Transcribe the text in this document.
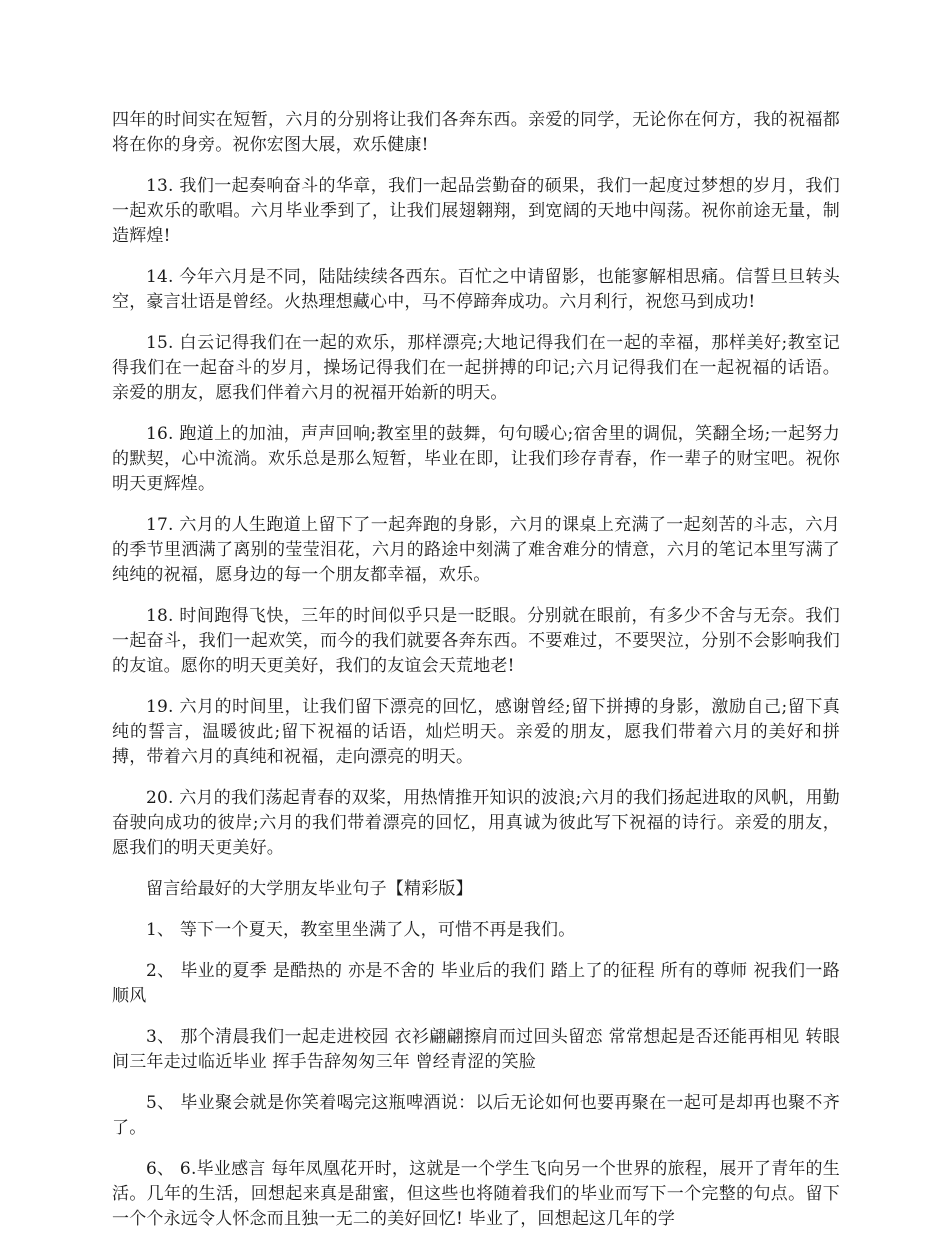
四年的时间实在短暂，六月的分别将让我们各奔东西。亲爱的同学，无论你在何方，我的祝福都将在你的身旁。祝你宏图大展，欢乐健康!

13. 我们一起奏响奋斗的华章，我们一起品尝勤奋的硕果，我们一起度过梦想的岁月，我们一起欢乐的歌唱。六月毕业季到了，让我们展翅翱翔，到宽阔的天地中闯荡。祝你前途无量，制造辉煌!

14. 今年六月是不同，陆陆续续各西东。百忙之中请留影，也能寥解相思痛。信誓旦旦转头空，豪言壮语是曾经。火热理想藏心中，马不停蹄奔成功。六月利行，祝您马到成功!

15. 白云记得我们在一起的欢乐，那样漂亮;大地记得我们在一起的幸福，那样美好;教室记得我们在一起奋斗的岁月，操场记得我们在一起拼搏的印记;六月记得我们在一起祝福的话语。亲爱的朋友，愿我们伴着六月的祝福开始新的明天。

16. 跑道上的加油，声声回响;教室里的鼓舞，句句暖心;宿舍里的调侃，笑翻全场;一起努力的默契，心中流淌。欢乐总是那么短暂，毕业在即，让我们珍存青春，作一辈子的财宝吧。祝你明天更辉煌。

17. 六月的人生跑道上留下了一起奔跑的身影，六月的课桌上充满了一起刻苦的斗志，六月的季节里洒满了离别的莹莹泪花，六月的路途中刻满了难舍难分的情意，六月的笔记本里写满了纯纯的祝福，愿身边的每一个朋友都幸福，欢乐。

18. 时间跑得飞快，三年的时间似乎只是一眨眼。分别就在眼前，有多少不舍与无奈。我们一起奋斗，我们一起欢笑，而今的我们就要各奔东西。不要难过，不要哭泣，分别不会影响我们的友谊。愿你的明天更美好，我们的友谊会天荒地老!

19. 六月的时间里，让我们留下漂亮的回忆，感谢曾经;留下拼搏的身影，激励自己;留下真纯的誓言，温暖彼此;留下祝福的话语，灿烂明天。亲爱的朋友，愿我们带着六月的美好和拼搏，带着六月的真纯和祝福，走向漂亮的明天。

20. 六月的我们荡起青春的双桨，用热情推开知识的波浪;六月的我们扬起进取的风帆，用勤奋驶向成功的彼岸;六月的我们带着漂亮的回忆，用真诚为彼此写下祝福的诗行。亲爱的朋友，愿我们的明天更美好。

留言给最好的大学朋友毕业句子【精彩版】

1、 等下一个夏天，教室里坐满了人，可惜不再是我们。

2、 毕业的夏季 是酷热的 亦是不舍的 毕业后的我们 踏上了的征程 所有的尊师 祝我们一路顺风

3、 那个清晨我们一起走进校园 衣衫翩翩擦肩而过回头留恋 常常想起是否还能再相见 转眼间三年走过临近毕业 挥手告辞匆匆三年 曾经青涩的笑脸

5、 毕业聚会就是你笑着喝完这瓶啤酒说：以后无论如何也要再聚在一起可是却再也聚不齐了。

6、 6.毕业感言 每年凤凰花开时，这就是一个学生飞向另一个世界的旅程，展开了青年的生活。几年的生活，回想起来真是甜蜜，但这些也将随着我们的毕业而写下一个完整的句点。留下一个个永远令人怀念而且独一无二的美好回忆! 毕业了，回想起这几年的学
